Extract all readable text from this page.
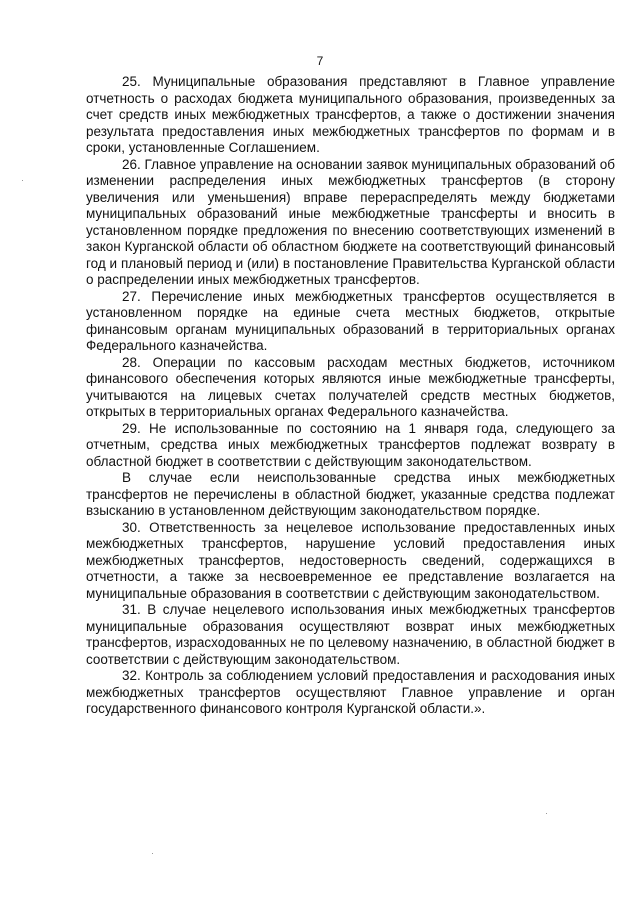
7

25. Муниципальные образования представляют в Главное управление отчетность о расходах бюджета муниципального образования, произведенных за счет средств иных межбюджетных трансфертов, а также о достижении значения результата предоставления иных межбюджетных трансфертов по формам и в сроки, установленные Соглашением.

26. Главное управление на основании заявок муниципальных образований об изменении распределения иных межбюджетных трансфертов (в сторону увеличения или уменьшения) вправе перераспределять между бюджетами муниципальных образований иные межбюджетные трансферты и вносить в установленном порядке предложения по внесению соответствующих изменений в закон Курганской области об областном бюджете на соответствующий финансовый год и плановый период и (или) в постановление Правительства Курганской области о распределении иных межбюджетных трансфертов.

27. Перечисление иных межбюджетных трансфертов осуществляется в установленном порядке на единые счета местных бюджетов, открытые финансовым органам муниципальных образований в территориальных органах Федерального казначейства.

28. Операции по кассовым расходам местных бюджетов, источником финансового обеспечения которых являются иные межбюджетные трансферты, учитываются на лицевых счетах получателей средств местных бюджетов, открытых в территориальных органах Федерального казначейства.

29. Не использованные по состоянию на 1 января года, следующего за отчетным, средства иных межбюджетных трансфертов подлежат возврату в областной бюджет в соответствии с действующим законодательством.

В случае если неиспользованные средства иных межбюджетных трансфертов не перечислены в областной бюджет, указанные средства подлежат взысканию в установленном действующим законодательством порядке.

30. Ответственность за нецелевое использование предоставленных иных межбюджетных трансфертов, нарушение условий предоставления иных межбюджетных трансфертов, недостоверность сведений, содержащихся в отчетности, а также за несвоевременное ее представление возлагается на муниципальные образования в соответствии с действующим законодательством.

31. В случае нецелевого использования иных межбюджетных трансфертов муниципальные образования осуществляют возврат иных межбюджетных трансфертов, израсходованных не по целевому назначению, в областной бюджет в соответствии с действующим законодательством.

32. Контроль за соблюдением условий предоставления и расходования иных межбюджетных трансфертов осуществляют Главное управление и орган государственного финансового контроля Курганской области.».
